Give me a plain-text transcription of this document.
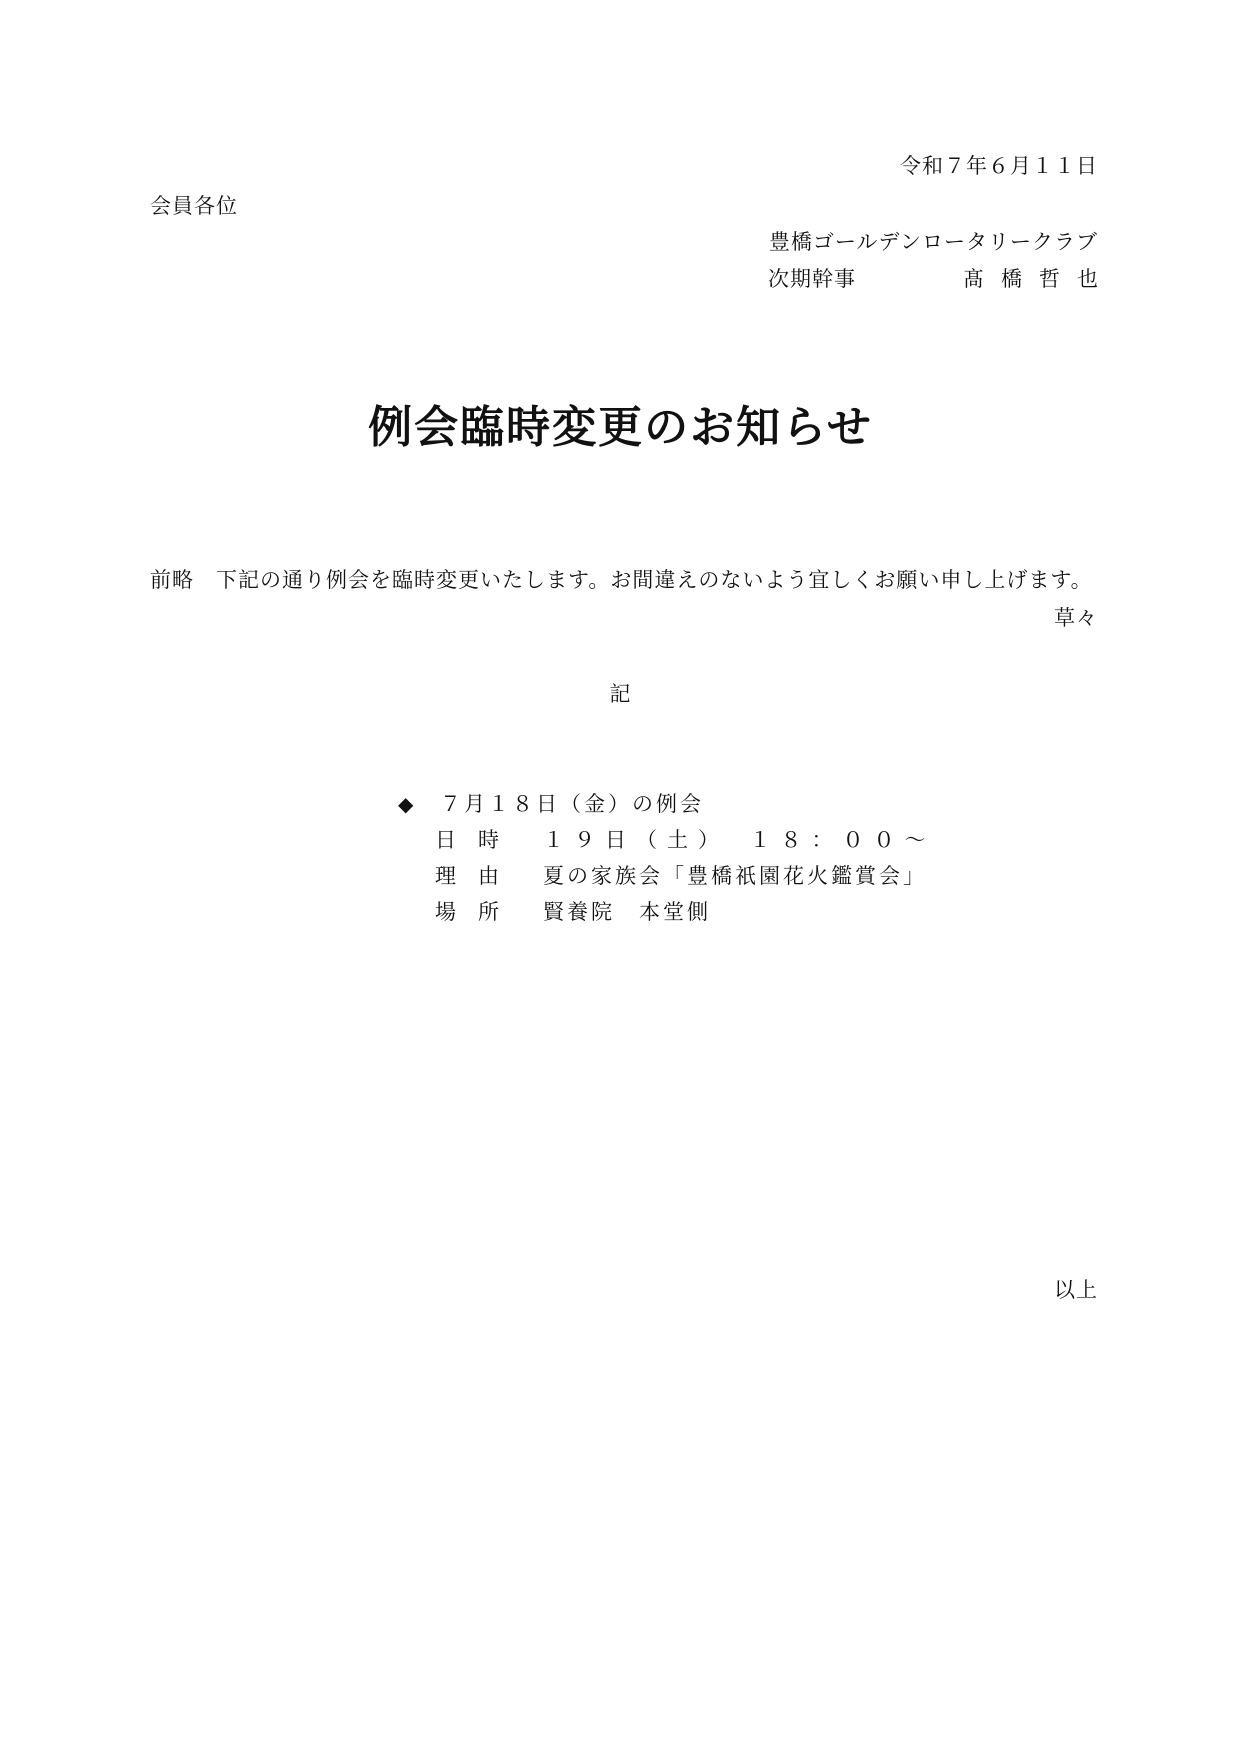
令和７年６月１１日
会員各位
豊橋ゴールデンロータリークラブ
次期幹事	髙橋哲也
例会臨時変更のお知らせ
前略　下記の通り例会を臨時変更いたします。お間違えのないよう宜しくお願い申し上げます。
草々
記
◆ ７月１８日（金）の例会
日時 １９日（土）　１８：００～
理由 夏の家族会「豊橋祇園花火鑑賞会」
場所 賢養院　本堂側
以上
